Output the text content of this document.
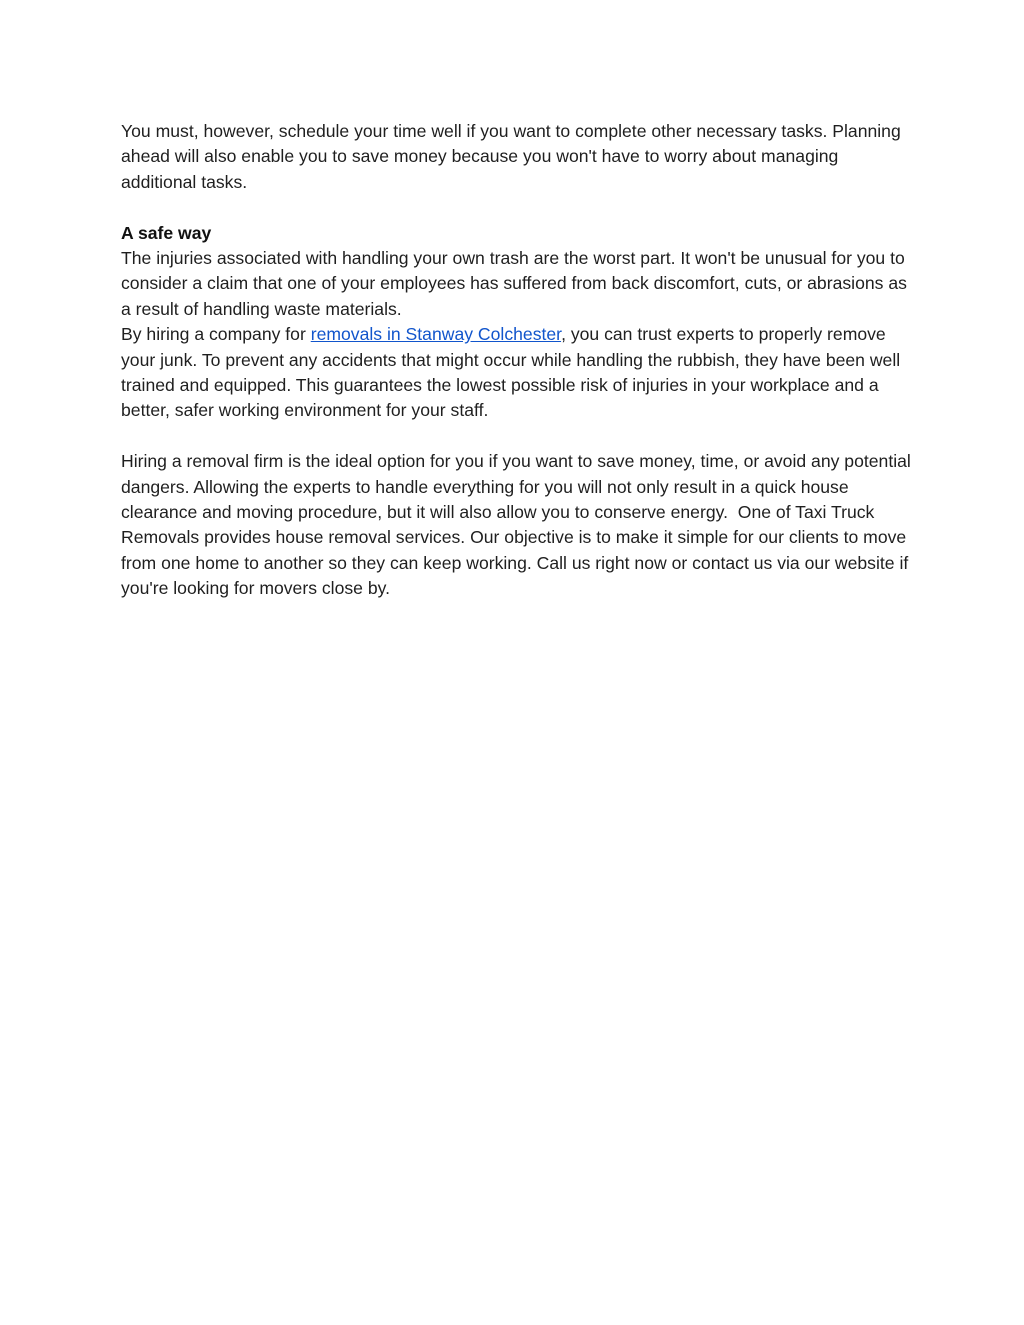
You must, however, schedule your time well if you want to complete other necessary tasks. Planning ahead will also enable you to save money because you won't have to worry about managing additional tasks.

A safe way

The injuries associated with handling your own trash are the worst part. It won't be unusual for you to consider a claim that one of your employees has suffered from back discomfort, cuts, or abrasions as a result of handling waste materials.

By hiring a company for removals in Stanway Colchester, you can trust experts to properly remove your junk. To prevent any accidents that might occur while handling the rubbish, they have been well trained and equipped. This guarantees the lowest possible risk of injuries in your workplace and a better, safer working environment for your staff.

Hiring a removal firm is the ideal option for you if you want to save money, time, or avoid any potential dangers. Allowing the experts to handle everything for you will not only result in a quick house clearance and moving procedure, but it will also allow you to conserve energy.  One of Taxi Truck Removals provides house removal services. Our objective is to make it simple for our clients to move from one home to another so they can keep working. Call us right now or contact us via our website if you're looking for movers close by.
